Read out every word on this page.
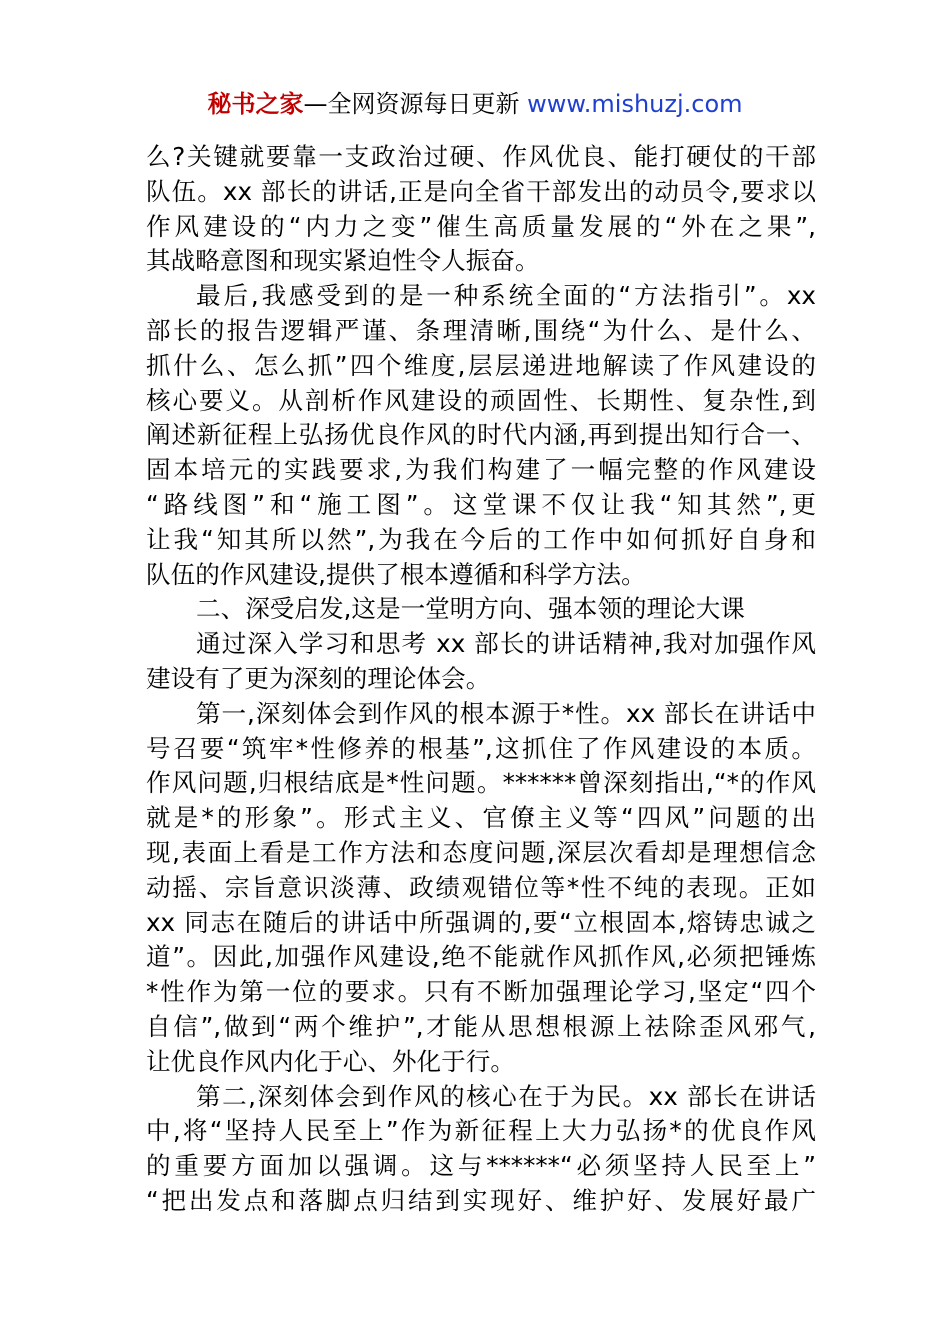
秘书之家—全网资源每日更新 www.mishuzj.com
么?关键就要靠一支政治过硬、作风优良、能打硬仗的干部
队伍。xx 部长的讲话,正是向全省干部发出的动员令,要求以
作风建设的“内力之变”催生高质量发展的“外在之果”,
其战略意图和现实紧迫性令人振奋。
最后,我感受到的是一种系统全面的“方法指引”。xx
部长的报告逻辑严谨、条理清晰,围绕“为什么、是什么、
抓什么、怎么抓”四个维度,层层递进地解读了作风建设的
核心要义。从剖析作风建设的顽固性、长期性、复杂性,到
阐述新征程上弘扬优良作风的时代内涵,再到提出知行合一、
固本培元的实践要求,为我们构建了一幅完整的作风建设
“路线图”和“施工图”。这堂课不仅让我“知其然”,更
让我“知其所以然”,为我在今后的工作中如何抓好自身和
队伍的作风建设,提供了根本遵循和科学方法。
二、深受启发,这是一堂明方向、强本领的理论大课
通过深入学习和思考 xx 部长的讲话精神,我对加强作风
建设有了更为深刻的理论体会。
第一,深刻体会到作风的根本源于*性。xx 部长在讲话中
号召要“筑牢*性修养的根基”,这抓住了作风建设的本质。
作风问题,归根结底是*性问题。******曾深刻指出,“*的作风
就是*的形象”。形式主义、官僚主义等“四风”问题的出
现,表面上看是工作方法和态度问题,深层次看却是理想信念
动摇、宗旨意识淡薄、政绩观错位等*性不纯的表现。正如
xx 同志在随后的讲话中所强调的,要“立根固本,熔铸忠诚之
道”。因此,加强作风建设,绝不能就作风抓作风,必须把锤炼
*性作为第一位的要求。只有不断加强理论学习,坚定“四个
自信”,做到“两个维护”,才能从思想根源上祛除歪风邪气,
让优良作风内化于心、外化于行。
第二,深刻体会到作风的核心在于为民。xx 部长在讲话
中,将“坚持人民至上”作为新征程上大力弘扬*的优良作风
的重要方面加以强调。这与******“必须坚持人民至上”
“把出发点和落脚点归结到实现好、维护好、发展好最广
